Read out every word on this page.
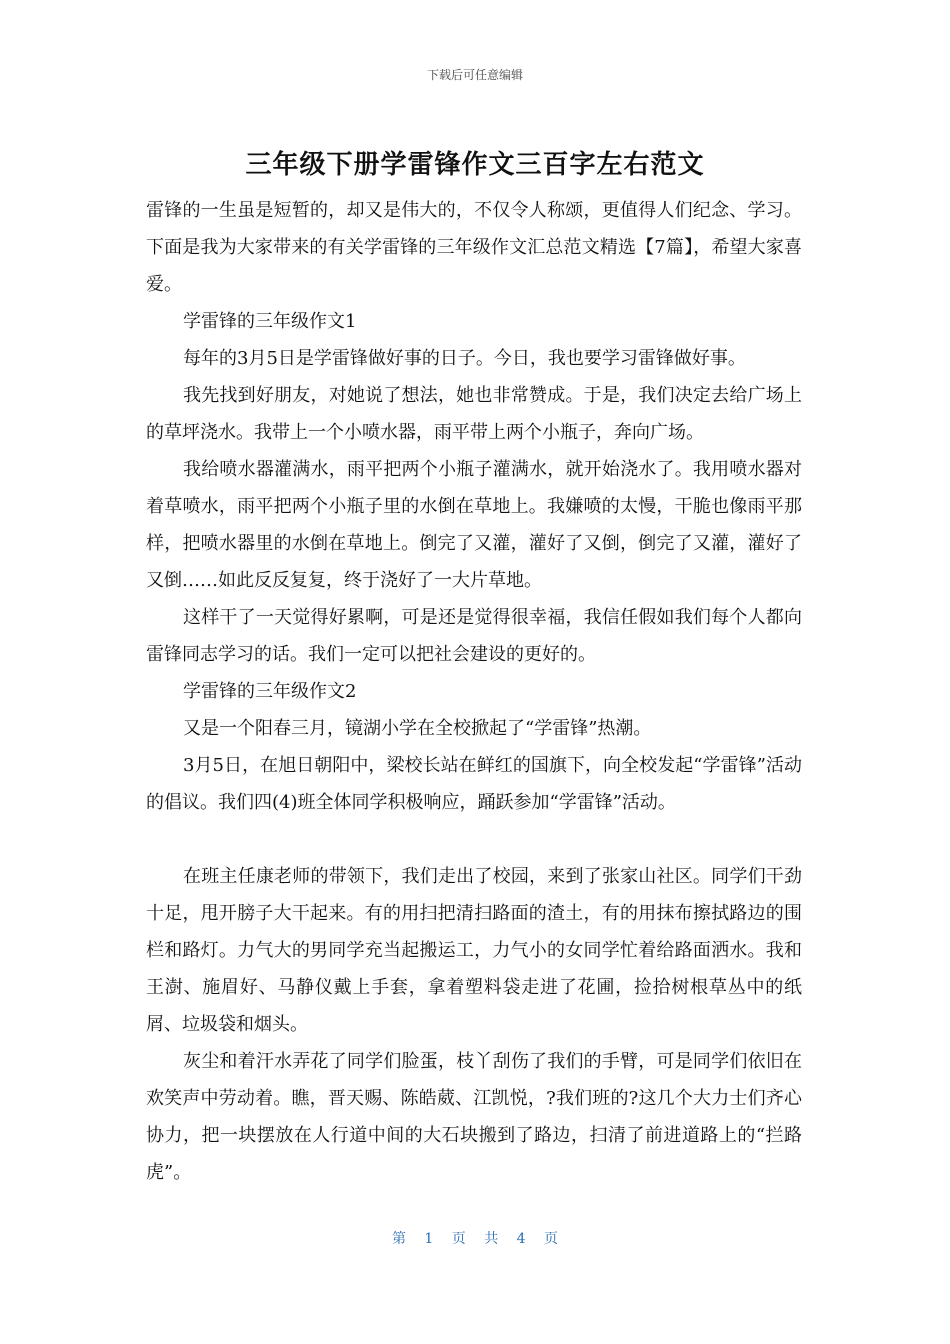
下载后可任意编辑
三年级下册学雷锋作文三百字左右范文

雷锋的一生虽是短暂的，却又是伟大的，不仅令人称颂，更值得人们纪念、学习。下面是我为大家带来的有关学雷锋的三年级作文汇总范文精选【7篇】，希望大家喜爱。

学雷锋的三年级作文1

每年的3月5日是学雷锋做好事的日子。今日，我也要学习雷锋做好事。

我先找到好朋友，对她说了想法，她也非常赞成。于是，我们决定去给广场上的草坪浇水。我带上一个小喷水器，雨平带上两个小瓶子，奔向广场。

我给喷水器灌满水，雨平把两个小瓶子灌满水，就开始浇水了。我用喷水器对着草喷水，雨平把两个小瓶子里的水倒在草地上。我嫌喷的太慢，干脆也像雨平那样，把喷水器里的水倒在草地上。倒完了又灌，灌好了又倒，倒完了又灌，灌好了又倒……如此反反复复，终于浇好了一大片草地。

这样干了一天觉得好累啊，可是还是觉得很幸福，我信任假如我们每个人都向雷锋同志学习的话。我们一定可以把社会建设的更好的。

学雷锋的三年级作文2

又是一个阳春三月，镜湖小学在全校掀起了“学雷锋”热潮。

3月5日，在旭日朝阳中，梁校长站在鲜红的国旗下，向全校发起“学雷锋”活动的倡议。我们四(4)班全体同学积极响应，踊跃参加“学雷锋”活动。

在班主任康老师的带领下，我们走出了校园，来到了张家山社区。同学们干劲十足，甩开膀子大干起来。有的用扫把清扫路面的渣土，有的用抹布擦拭路边的围栏和路灯。力气大的男同学充当起搬运工，力气小的女同学忙着给路面洒水。我和王澍、施眉好、马静仪戴上手套，拿着塑料袋走进了花圃，捡拾树根草丛中的纸屑、垃圾袋和烟头。

灰尘和着汗水弄花了同学们脸蛋，枝丫刮伤了我们的手臂，可是同学们依旧在欢笑声中劳动着。瞧，晋天赐、陈皓葳、江凯悦，?我们班的?这几个大力士们齐心协力，把一块摆放在人行道中间的大石块搬到了路边，扫清了前进道路上的“拦路虎”。

第 1 页 共 4 页
